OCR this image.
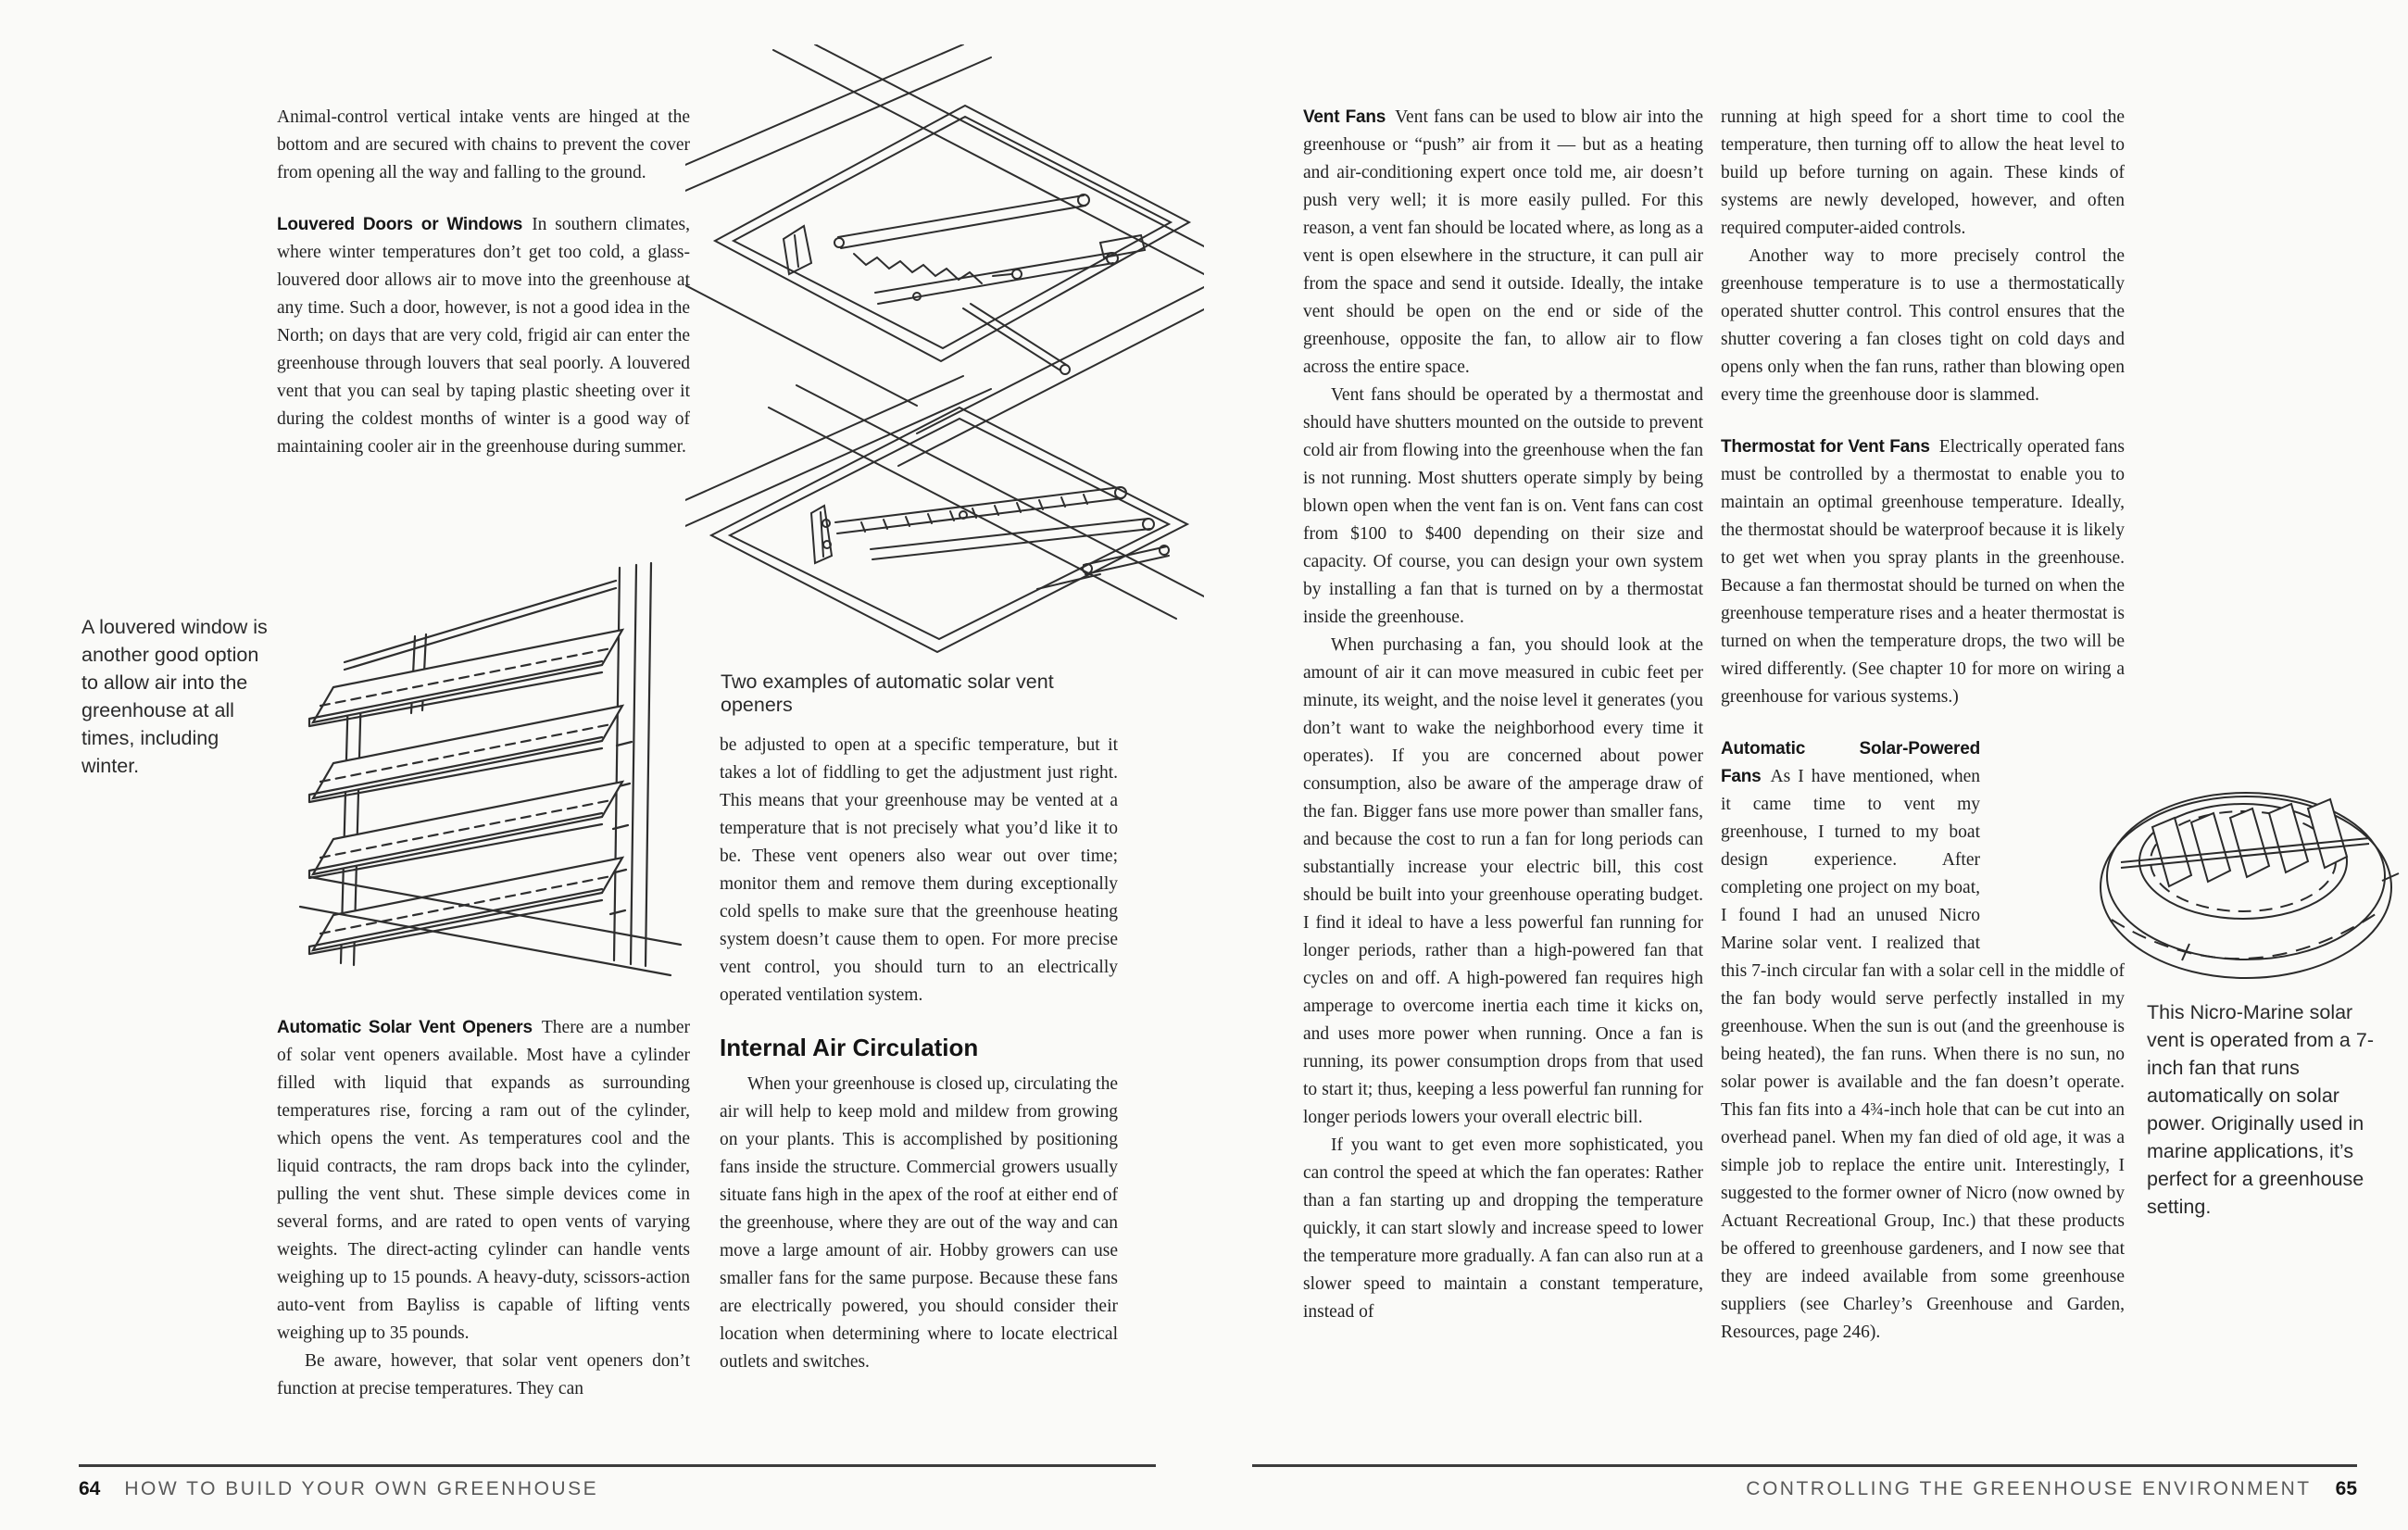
Animal-control vertical intake vents are hinged at the bottom and are secured with chains to prevent the cover from opening all the way and falling to the ground.

Louvered Doors or Windows In southern climates, where winter temperatures don’t get too cold, a glass-louvered door allows air to move into the greenhouse at any time. Such a door, however, is not a good idea in the North; on days that are very cold, frigid air can enter the greenhouse through louvers that seal poorly. A louvered vent that you can seal by taping plastic sheeting over it during the coldest months of winter is a good way of maintaining cooler air in the greenhouse during summer.

A louvered window is another good option to allow air into the greenhouse at all times, including winter.

Automatic Solar Vent Openers There are a number of solar vent openers available. Most have a cylinder filled with liquid that expands as surrounding temperatures rise, forcing a ram out of the cylinder, which opens the vent. As temperatures cool and the liquid contracts, the ram drops back into the cylinder, pulling the vent shut. These simple devices come in several forms, and are rated to open vents of varying weights. The direct-acting cylinder can handle vents weighing up to 15 pounds. A heavy-duty, scissors-action auto-vent from Bayliss is capable of lifting vents weighing up to 35 pounds.

Be aware, however, that solar vent openers don’t function at precise temperatures. They can

Two examples of automatic solar vent openers

be adjusted to open at a specific temperature, but it takes a lot of fiddling to get the adjustment just right. This means that your greenhouse may be vented at a temperature that is not precisely what you’d like it to be. These vent openers also wear out over time; monitor them and remove them during exceptionally cold spells to make sure that the greenhouse heating system doesn’t cause them to open. For more precise vent control, you should turn to an electrically operated ventilation system.

Internal Air Circulation

When your greenhouse is closed up, circulating the air will help to keep mold and mildew from growing on your plants. This is accomplished by positioning fans inside the structure. Commercial growers usually situate fans high in the apex of the roof at either end of the greenhouse, where they are out of the way and can move a large amount of air. Hobby growers can use smaller fans for the same purpose. Because these fans are electrically powered, you should consider their location when determining where to locate electrical outlets and switches.

64 HOW TO BUILD YOUR OWN GREENHOUSE

Vent Fans Vent fans can be used to blow air into the greenhouse or “push” air from it — but as a heating and air-conditioning expert once told me, air doesn’t push very well; it is more easily pulled. For this reason, a vent fan should be located where, as long as a vent is open elsewhere in the structure, it can pull air from the space and send it outside. Ideally, the intake vent should be open on the end or side of the greenhouse, opposite the fan, to allow air to flow across the entire space.

Vent fans should be operated by a thermostat and should have shutters mounted on the outside to prevent cold air from flowing into the greenhouse when the fan is not running. Most shutters operate simply by being blown open when the vent fan is on. Vent fans can cost from $100 to $400 depending on their size and capacity. Of course, you can design your own system by installing a fan that is turned on by a thermostat inside the greenhouse.

When purchasing a fan, you should look at the amount of air it can move measured in cubic feet per minute, its weight, and the noise level it generates (you don’t want to wake the neighborhood every time it operates). If you are concerned about power consumption, also be aware of the amperage draw of the fan. Bigger fans use more power than smaller fans, and because the cost to run a fan for long periods can substantially increase your electric bill, this cost should be built into your greenhouse operating budget. I find it ideal to have a less powerful fan running for longer periods, rather than a high-powered fan that cycles on and off. A high-powered fan requires high amperage to overcome inertia each time it kicks on, and uses more power when running. Once a fan is running, its power consumption drops from that used to start it; thus, keeping a less powerful fan running for longer periods lowers your overall electric bill.

If you want to get even more sophisticated, you can control the speed at which the fan operates: Rather than a fan starting up and dropping the temperature quickly, it can start slowly and increase speed to lower the temperature more gradually. A fan can also run at a slower speed to maintain a constant temperature, instead of

running at high speed for a short time to cool the temperature, then turning off to allow the heat level to build up before turning on again. These kinds of systems are newly developed, however, and often required computer-aided controls.

Another way to more precisely control the greenhouse temperature is to use a thermostatically operated shutter control. This control ensures that the shutter covering a fan closes tight on cold days and opens only when the fan runs, rather than blowing open every time the greenhouse door is slammed.

Thermostat for Vent Fans Electrically operated fans must be controlled by a thermostat to enable you to maintain an optimal greenhouse temperature. Ideally, the thermostat should be waterproof because it is likely to get wet when you spray plants in the greenhouse. Because a fan thermostat should be turned on when the greenhouse temperature rises and a heater thermostat is turned on when the temperature drops, the two will be wired differently. (See chapter 10 for more on wiring a greenhouse for various systems.)

Automatic Solar-Powered Fans As I have mentioned, when it came time to vent my greenhouse, I turned to my boat design experience. After completing one project on my boat, I found I had an unused Nicro Marine solar vent. I realized that this 7-inch circular fan with a solar cell in the middle of the fan body would serve perfectly installed in my greenhouse. When the sun is out (and the greenhouse is being heated), the fan runs. When there is no sun, no solar power is available and the fan doesn’t operate. This fan fits into a 4¾-inch hole that can be cut into an overhead panel. When my fan died of old age, it was a simple job to replace the entire unit. Interestingly, I suggested to the former owner of Nicro (now owned by Actuant Recreational Group, Inc.) that these products be offered to greenhouse gardeners, and I now see that they are indeed available from some greenhouse suppliers (see Charley’s Greenhouse and Garden, Resources, page 246).

This Nicro-Marine solar vent is operated from a 7-inch fan that runs automatically on solar power. Originally used in marine applications, it’s perfect for a greenhouse setting.
CONTROLLING THE GREENHOUSE ENVIRONMENT 65
